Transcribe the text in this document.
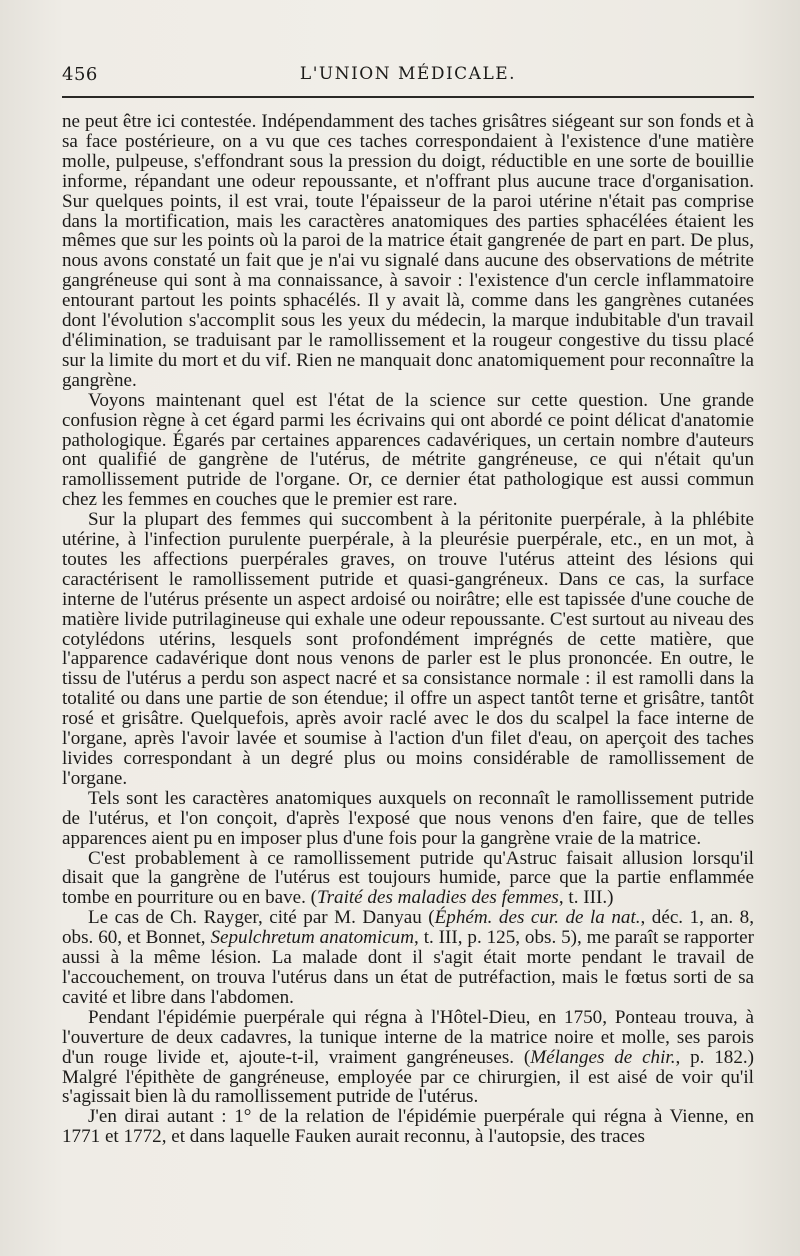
456	L'UNION MÉDICALE.

ne peut être ici contestée. Indépendamment des taches grisâtres siégeant sur son fonds et à sa face postérieure, on a vu que ces taches correspondaient à l'existence d'une matière molle, pulpeuse, s'effondrant sous la pression du doigt, réductible en une sorte de bouillie informe, répandant une odeur repoussante, et n'offrant plus aucune trace d'organisation. Sur quelques points, il est vrai, toute l'épaisseur de la paroi utérine n'était pas comprise dans la mortification, mais les caractères anatomiques des parties sphacélées étaient les mêmes que sur les points où la paroi de la matrice était gangrenée de part en part. De plus, nous avons constaté un fait que je n'ai vu signalé dans aucune des observations de métrite gangréneuse qui sont à ma connaissance, à savoir : l'existence d'un cercle inflammatoire entourant partout les points sphacélés. Il y avait là, comme dans les gangrènes cutanées dont l'évolution s'accomplit sous les yeux du médecin, la marque indubitable d'un travail d'élimination, se traduisant par le ramollissement et la rougeur congestive du tissu placé sur la limite du mort et du vif. Rien ne manquait donc anatomiquement pour reconnaître la gangrène.

Voyons maintenant quel est l'état de la science sur cette question. Une grande confusion règne à cet égard parmi les écrivains qui ont abordé ce point délicat d'anatomie pathologique. Égarés par certaines apparences cadavériques, un certain nombre d'auteurs ont qualifié de gangrène de l'utérus, de métrite gangréneuse, ce qui n'était qu'un ramollissement putride de l'organe. Or, ce dernier état pathologique est aussi commun chez les femmes en couches que le premier est rare.

Sur la plupart des femmes qui succombent à la péritonite puerpérale, à la phlébite utérine, à l'infection purulente puerpérale, à la pleurésie puerpérale, etc., en un mot, à toutes les affections puerpérales graves, on trouve l'utérus atteint des lésions qui caractérisent le ramollissement putride et quasi-gangréneux. Dans ce cas, la surface interne de l'utérus présente un aspect ardoisé ou noirâtre; elle est tapissée d'une couche de matière livide putrilagineuse qui exhale une odeur repoussante. C'est surtout au niveau des cotylédons utérins, lesquels sont profondément imprégnés de cette matière, que l'apparence cadavérique dont nous venons de parler est le plus prononcée. En outre, le tissu de l'utérus a perdu son aspect nacré et sa consistance normale : il est ramolli dans la totalité ou dans une partie de son étendue; il offre un aspect tantôt terne et grisâtre, tantôt rosé et grisâtre. Quelquefois, après avoir raclé avec le dos du scalpel la face interne de l'organe, après l'avoir lavée et soumise à l'action d'un filet d'eau, on aperçoit des taches livides correspondant à un degré plus ou moins considérable de ramollissement de l'organe.

Tels sont les caractères anatomiques auxquels on reconnaît le ramollissement putride de l'utérus, et l'on conçoit, d'après l'exposé que nous venons d'en faire, que de telles apparences aient pu en imposer plus d'une fois pour la gangrène vraie de la matrice.

C'est probablement à ce ramollissement putride qu'Astruc faisait allusion lorsqu'il disait que la gangrène de l'utérus est toujours humide, parce que la partie enflammée tombe en pourriture ou en bave. (Traité des maladies des femmes, t. III.)

Le cas de Ch. Rayger, cité par M. Danyau (Éphém. des cur. de la nat., déc. 1, an. 8, obs. 60, et Bonnet, Sepulchretum anatomicum, t. III, p. 125, obs. 5), me paraît se rapporter aussi à la même lésion. La malade dont il s'agit était morte pendant le travail de l'accouchement, on trouva l'utérus dans un état de putréfaction, mais le fœtus sorti de sa cavité et libre dans l'abdomen.

Pendant l'épidémie puerpérale qui régna à l'Hôtel-Dieu, en 1750, Ponteau trouva, à l'ouverture de deux cadavres, la tunique interne de la matrice noire et molle, ses parois d'un rouge livide et, ajoute-t-il, vraiment gangréneuses. (Mélanges de chir., p. 182.) Malgré l'épithète de gangréneuse, employée par ce chirurgien, il est aisé de voir qu'il s'agissait bien là du ramollissement putride de l'utérus.

J'en dirai autant : 1° de la relation de l'épidémie puerpérale qui régna à Vienne, en 1771 et 1772, et dans laquelle Fauken aurait reconnu, à l'autopsie, des traces
